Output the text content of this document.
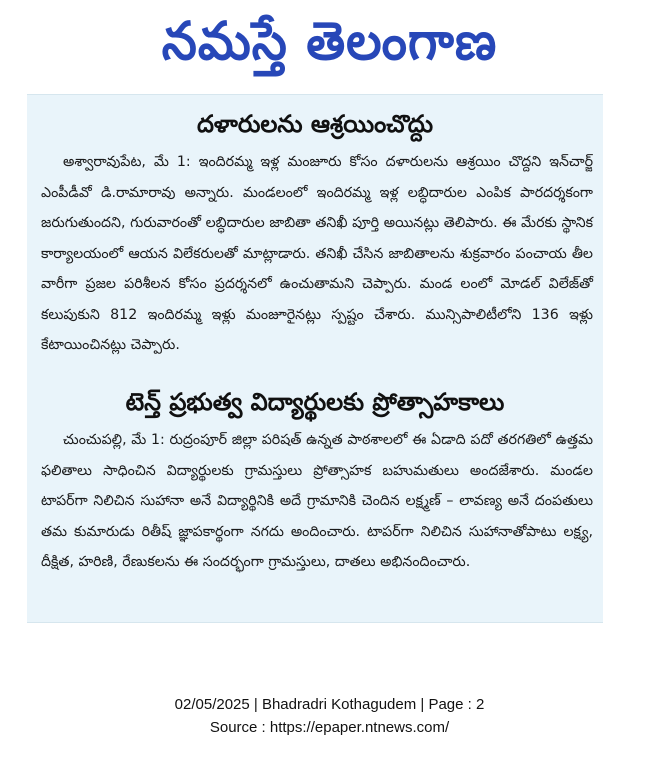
నమస్తే తెలంగాణ
దళారులను ఆశ్రయించొద్దు

అశ్వారావుపేట, మే 1: ఇందిరమ్మ ఇళ్ల మంజూరు కోసం దళారులను ఆశ్రయిం చొద్దని ఇన్‌చార్జ్ ఎంపీడీవో డి.రామారావు అన్నారు. మండలంలో ఇందిరమ్మ ఇళ్ల లబ్ధిదారుల ఎంపిక పారదర్శకంగా జరుగుతుందని, గురువారంతో లబ్ధిదారుల జాబితా తనిఖీ పూర్తి అయినట్లు తెలిపారు. ఈ మేరకు స్థానిక కార్యాలయంలో ఆయన విలేకరులతో మాట్లాడారు. తనిఖీ చేసిన జాబితాలను శుక్రవారం పంచాయ తీల వారీగా ప్రజల పరిశీలన కోసం ప్రదర్శనలో ఉంచుతామని చెప్పారు. మండ లంలో మోడల్ విలేజ్‌తో కలుపుకుని 812 ఇందిరమ్మ ఇళ్లు మంజూరైనట్లు స్పష్టం చేశారు. మున్సిపాలిటీలోని 136 ఇళ్లు కేటాయించినట్లు చెప్పారు.

టెన్త్ ప్రభుత్వ విద్యార్థులకు ప్రోత్సాహకాలు

చుంచుపల్లి, మే 1: రుద్రంపూర్ జిల్లా పరిషత్ ఉన్నత పాఠశాలలో ఈ ఏడాది పదో తరగతిలో ఉత్తమ ఫలితాలు సాధించిన విద్యార్థులకు గ్రామస్తులు ప్రోత్సాహక బహుమతులు అందజేశారు. మండల టాపర్‌గా నిలిచిన సుహానా అనే విద్యార్థినికి అదే గ్రామానికి చెందిన లక్ష్మణ్ – లావణ్య అనే దంపతులు తమ కుమారుడు రితీష్ జ్ఞాపకార్థంగా నగదు అందించారు. టాపర్‌గా నిలిచిన సుహానాతోపాటు లక్ష్య, దీక్షిత, హరిణి, రేణుకలను ఈ సందర్భంగా గ్రామస్తులు, దాతలు అభినందించారు.

02/05/2025 | Bhadradri Kothagudem | Page : 2
Source : https://epaper.ntnews.com/
